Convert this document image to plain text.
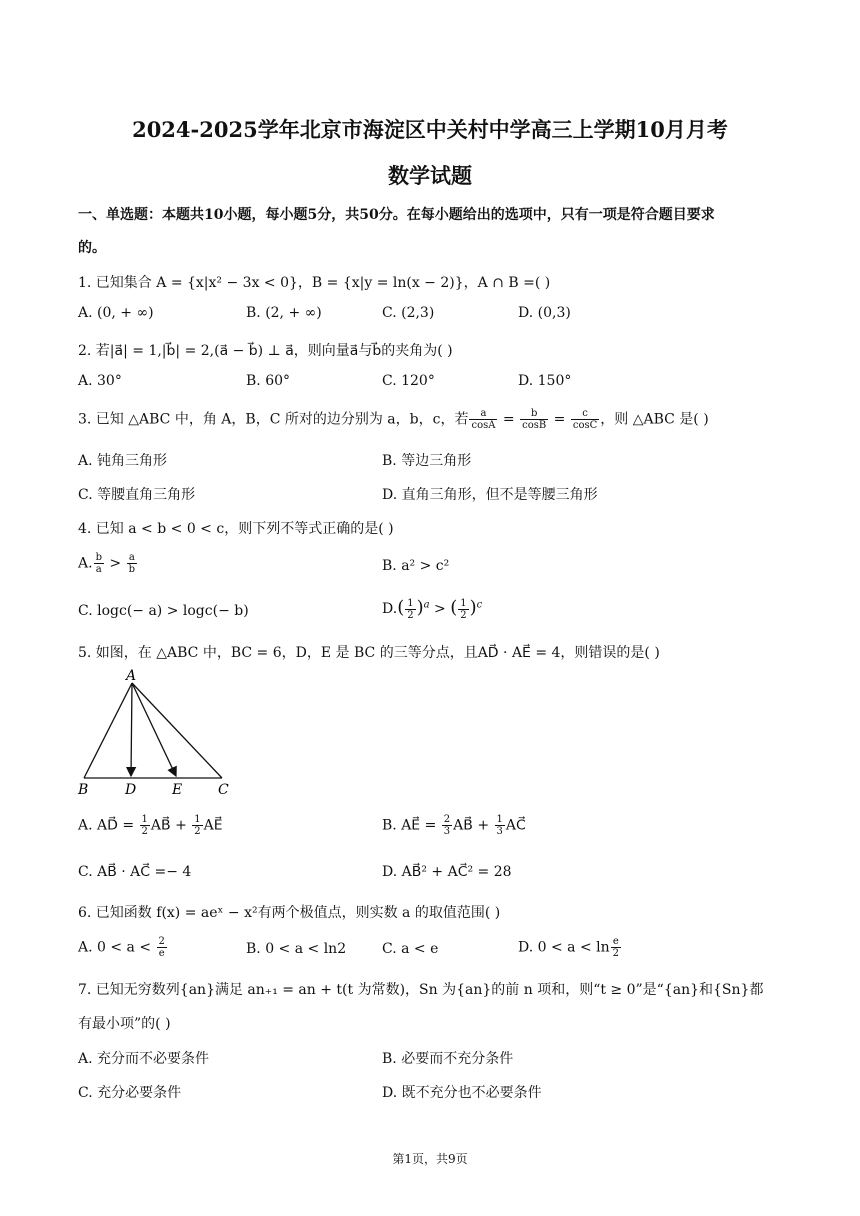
2024-2025学年北京市海淀区中关村中学高三上学期10月月考
数学试题
一、单选题：本题共10小题，每小题5分，共50分。在每小题给出的选项中，只有一项是符合题目要求
的。
1. 已知集合 A = {x|x² − 3x < 0}，B = {x|y = ln(x − 2)}，A ∩ B =( )
A. (0, + ∞)	B. (2, + ∞)	C. (2,3)	D. (0,3)
2. 若|a⃗| = 1,|b⃗| = 2,(a⃗ − b⃗) ⊥ a⃗，则向量a⃗与b⃗的夹角为( )
A. 30°	B. 60°	C. 120°	D. 150°
3. 已知 △ABC 中，角 A，B，C 所对的边分别为 a，b，c，若 $\frac{a}{\cos A} = \frac{b}{\cos B} = \frac{c}{\cos C}$ ，则 △ABC 是( )
A. 钝角三角形	B. 等边三角形
C. 等腰直角三角形	D. 直角三角形，但不是等腰三角形
4. 已知 a < b < 0 < c，则下列不等式正确的是( )
A. $\frac{b}{a} > \frac{a}{b}$	B. a² > c²
C. logc(− a) > logc(− b)	$D.( \frac{1}{2} )^a$ > ( $\frac{1}{2} )^c$
5. 如图，在 △ABC 中，BC = 6，D，E 是 BC 的三等分点，且AD⃗ · AE⃗ = 4，则错误的是( )
A
B	D	E	C
A. AD⃗ = $\frac{1}{2}$ AB⃗ + $\frac{1}{2}$ AE⃗	B. AE⃗ = $\frac{2}{3}$ AB⃗ + $\frac{1}{3}$ AC⃗
C. AB⃗ · AC⃗ =− 4	D. AB⃗² + AC⃗² = 28
6. 已知函数 f(x) = aeˣ − x²有两个极值点，则实数 a 的取值范围( )
A. $0 < a < \frac{2}{e}$	B. 0 < a < ln2	C. a < e	D. $0 < a < \ln \frac{e}{2}$
7. 已知无穷数列{an}满足 an₊₁ = an + t(t 为常数)，Sn 为{an}的前 n 项和，则“t ≥ 0”是“{an}和{Sn}都
有最小项”的( )
A. 充分而不必要条件	B. 必要而不充分条件
C. 充分必要条件	D. 既不充分也不必要条件
第1页，共9页
